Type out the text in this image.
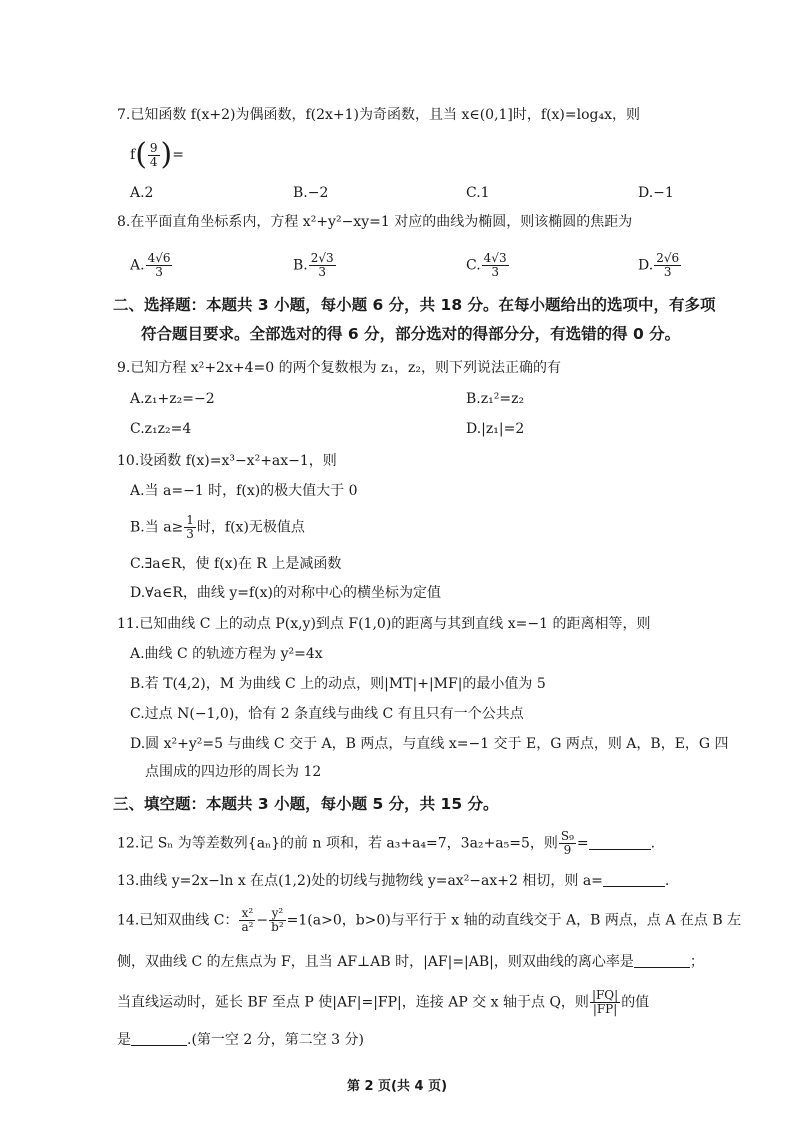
7.已知函数 f(x+2)为偶函数，f(2x+1)为奇函数，且当 x∈(0,1]时，f(x)=log₄x，则
$f( \frac{9}{4}$ )=
A.2	B.−2	C.1	D.−1
8.在平面直角坐标系内，方程 x²+y²−xy=1 对应的曲线为椭圆，则该椭圆的焦距为
A. $\frac{4√6}{3}$	B. $\frac{2√3}{3}$	C. $\frac{4√3}{3}$	D. $\frac{2√6}{3}$
二、选择题：本题共 3 小题，每小题 6 分，共 18 分。在每小题给出的选项中，有多项
符合题目要求。全部选对的得 6 分，部分选对的得部分分，有选错的得 0 分。
9.已知方程 x²+2x+4=0 的两个复数根为 z₁，z₂，则下列说法正确的有
A.z₁+z₂=−2	B.z₁²=z₂
C.z₁z₂=4	D.|z₁|=2
10.设函数 f(x)=x³−x²+ax−1，则
A.当 a=−1 时，f(x)的极大值大于 0
B.当 $a\ge \frac{1}{3}$ 时，f(x)无极值点
C.∃a∈R，使 f(x)在 R 上是减函数
D.∀a∈R，曲线 y=f(x)的对称中心的横坐标为定值
11.已知曲线 C 上的动点 P(x,y)到点 F(1,0)的距离与其到直线 x=−1 的距离相等，则
A.曲线 C 的轨迹方程为 y²=4x
B.若 T(4,2)，M 为曲线 C 上的动点，则|MT|+|MF|的最小值为 5
C.过点 N(−1,0)，恰有 2 条直线与曲线 C 有且只有一个公共点
D.圆 x²+y²=5 与曲线 C 交于 A，B 两点，与直线 x=−1 交于 E，G 两点，则 A，B，E，G 四
点围成的四边形的周长为 12
三、填空题：本题共 3 小题，每小题 5 分，共 15 分。
12.记 Sₙ 为等差数列{aₙ}的前 n 项和，若 a₃+a₄=7，3a₂+a₅=5，则 $\frac{\text{S₉}}{9}$ =	.
13.曲线 y=2x−ln x 在点(1,2)处的切线与抛物线 y=ax²−ax+2 相切，则 a=	.
14.已知双曲线 C： $\frac{\text{x²}}{\text{a²}} - \frac{\text{y²}}{\text{b²}} =1(a>0$，b>0)与平行于 x 轴的动直线交于 A，B 两点，点 A 在点 B 左
侧，双曲线 C 的左焦点为 F，且当 AF⊥AB 时，|AF|=|AB|，则双曲线的离心率是	；
当直线运动时，延长 BF 至点 P 使|AF|=|FP|，连接 AP 交 x 轴于点 Q，则 $\frac{|FQ|}{|FP|}$ 的值
是	.(第一空 2 分，第二空 3 分)
第 2 页(共 4 页)
